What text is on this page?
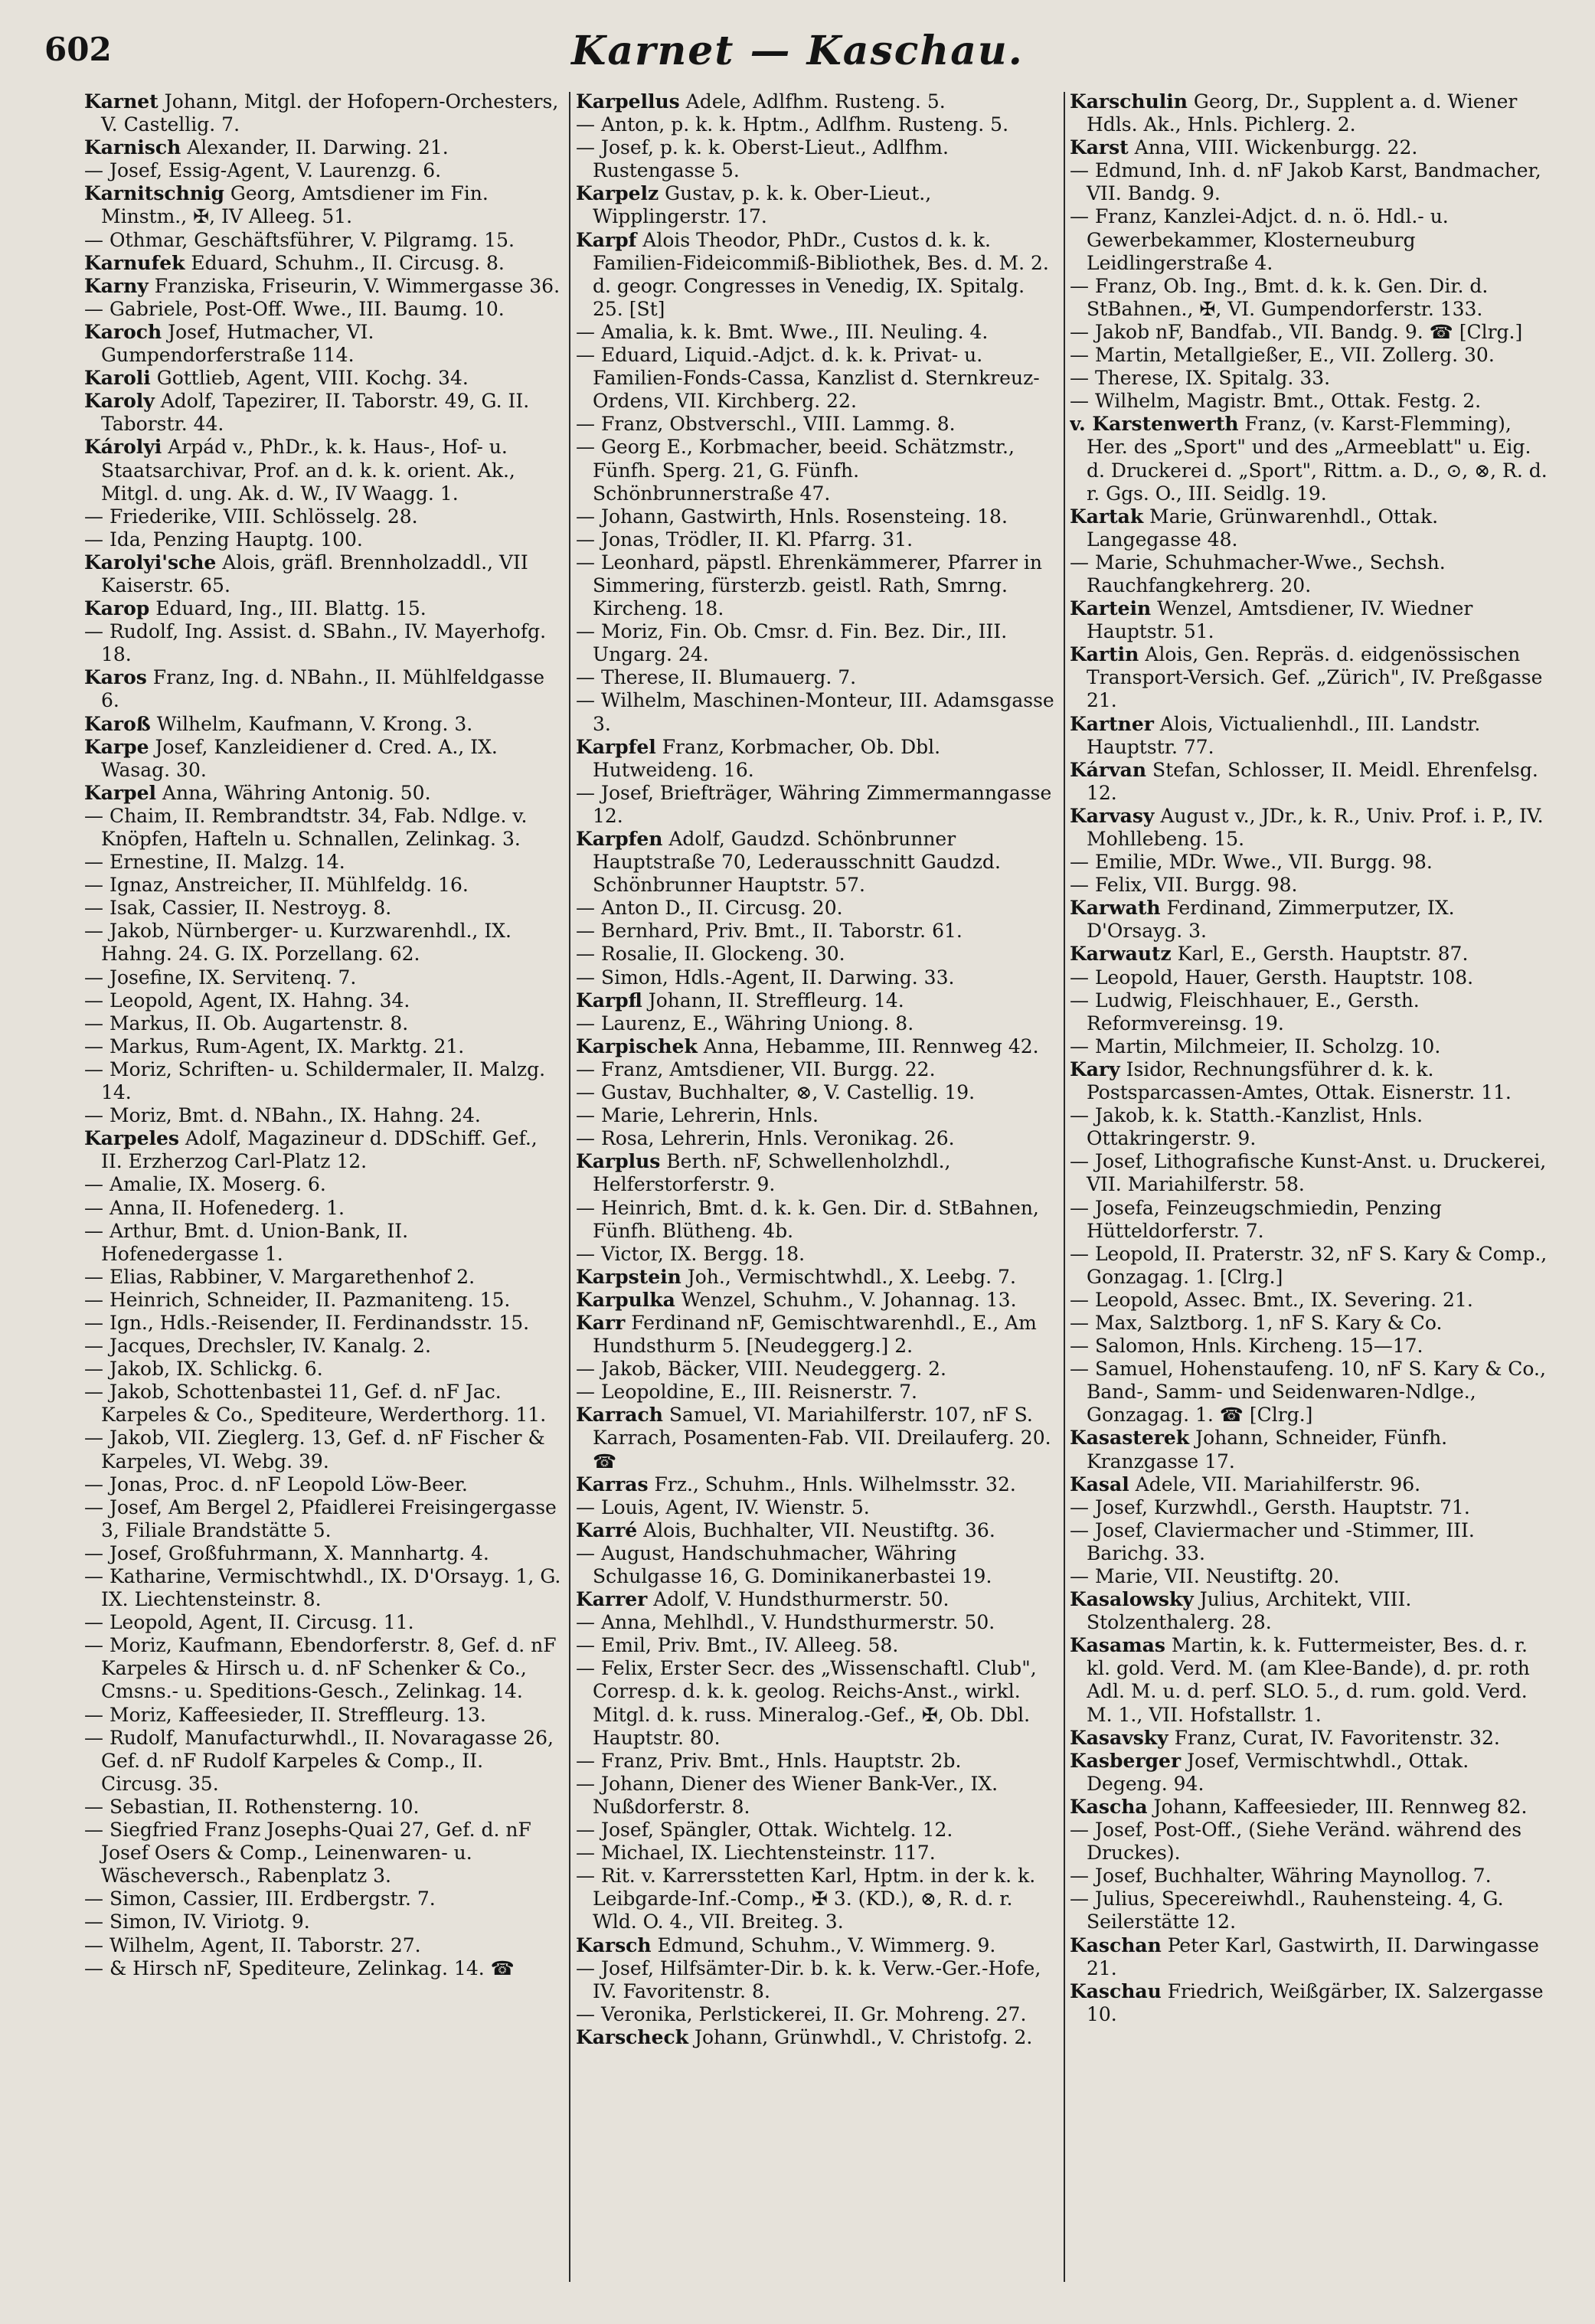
602	Karnet — Kaschau.
Karnet Johann, Mitgl. der Hofopern-Orchesters, V. Castellig. 7.
Karnisch Alexander, II. Darwing. 21.
— Josef, Essig-Agent, V. Laurenzg. 6.
Karnitschnig Georg, Amtsdiener im Fin. Minstm., ✠, IV Alleeg. 51.
— Othmar, Geschäftsführer, V. Pilgramg. 15.
Karnufek Eduard, Schuhm., II. Circusg. 8.
Karny Franziska, Friseurin, V. Wimmergasse 36.
— Gabriele, Post-Off. Wwe., III. Baumg. 10.
Karoch Josef, Hutmacher, VI. Gumpendorferstraße 114.
Karoli Gottlieb, Agent, VIII. Kochg. 34.
Karoly Adolf, Tapezirer, II. Taborstr. 49, G. II. Taborstr. 44.
Károlyi Arpád v., PhDr., k. k. Haus-, Hof- u. Staatsarchivar, Prof. an d. k. k. orient. Ak., Mitgl. d. ung. Ak. d. W., IV Waagg. 1.
— Friederike, VIII. Schlösselg. 28.
— Ida, Penzing Hauptg. 100.
Karolyi'sche Alois, gräfl. Brennholzaddl., VII Kaiserstr. 65.
Karop Eduard, Ing., III. Blattg. 15.
— Rudolf, Ing. Assist. d. SBahn., IV. Mayerhofg. 18.
Karos Franz, Ing. d. NBahn., II. Mühlfeldgasse 6.
Karoß Wilhelm, Kaufmann, V. Krong. 3.
Karpe Josef, Kanzleidiener d. Cred. A., IX. Wasag. 30.
Karpel Anna, Währing Antonig. 50.
— Chaim, II. Rembrandtstr. 34, Fab. Ndlge. v. Knöpfen, Hafteln u. Schnallen, Zelinkag. 3.
— Ernestine, II. Malzg. 14.
— Ignaz, Anstreicher, II. Mühlfeldg. 16.
— Isak, Cassier, II. Nestroyg. 8.
— Jakob, Nürnberger- u. Kurzwarenhdl., IX. Hahng. 24. G. IX. Porzellang. 62.
— Josefine, IX. Servitenq. 7.
— Leopold, Agent, IX. Hahng. 34.
— Markus, II. Ob. Augartenstr. 8.
— Markus, Rum-Agent, IX. Marktg. 21.
— Moriz, Schriften- u. Schildermaler, II. Malzg. 14.
— Moriz, Bmt. d. NBahn., IX. Hahng. 24.
Karpeles Adolf, Magazineur d. DDSchiff. Gef., II. Erzherzog Carl-Platz 12.
— Amalie, IX. Moserg. 6.
— Anna, II. Hofenederg. 1.
— Arthur, Bmt. d. Union-Bank, II. Hofenedergasse 1.
— Elias, Rabbiner, V. Margarethenhof 2.
— Heinrich, Schneider, II. Pazmaniteng. 15.
— Ign., Hdls.-Reisender, II. Ferdinandsstr. 15.
— Jacques, Drechsler, IV. Kanalg. 2.
— Jakob, IX. Schlickg. 6.
— Jakob, Schottenbastei 11, Gef. d. nF Jac. Karpeles & Co., Spediteure, Werderthorg. 11.
— Jakob, VII. Zieglerg. 13, Gef. d. nF Fischer & Karpeles, VI. Webg. 39.
— Jonas, Proc. d. nF Leopold Löw-Beer.
— Josef, Am Bergel 2, Pfaidlerei Freisingergasse 3, Filiale Brandstätte 5.
— Josef, Großfuhrmann, X. Mannhartg. 4.
— Katharine, Vermischtwhdl., IX. D'Orsayg. 1, G. IX. Liechtensteinstr. 8.
— Leopold, Agent, II. Circusg. 11.
— Moriz, Kaufmann, Ebendorferstr. 8, Gef. d. nF Karpeles & Hirsch u. d. nF Schenker & Co., Cmsns.- u. Speditions-Gesch., Zelinkag. 14.
— Moriz, Kaffeesieder, II. Streffleurg. 13.
— Rudolf, Manufacturwhdl., II. Novaragasse 26, Gef. d. nF Rudolf Karpeles & Comp., II. Circusg. 35.
— Sebastian, II. Rothensterng. 10.
— Siegfried Franz Josephs-Quai 27, Gef. d. nF Josef Osers & Comp., Leinenwaren- u. Wäscheversch., Rabenplatz 3.
— Simon, Cassier, III. Erdbergstr. 7.
— Simon, IV. Viriotg. 9.
— Wilhelm, Agent, II. Taborstr. 27.
— & Hirsch nF, Spediteure, Zelinkag. 14. ☎
Karpellus Adele, Adlfhm. Rusteng. 5.
— Anton, p. k. k. Hptm., Adlfhm. Rusteng. 5.
— Josef, p. k. k. Oberst-Lieut., Adlfhm. Rustengasse 5.
Karpelz Gustav, p. k. k. Ober-Lieut., Wipplingerstr. 17.
Karpf Alois Theodor, PhDr., Custos d. k. k. Familien-Fideicommiß-Bibliothek, Bes. d. M. 2. d. geogr. Congresses in Venedig, IX. Spitalg. 25. [St]
— Amalia, k. k. Bmt. Wwe., III. Neuling. 4.
— Eduard, Liquid.-Adjct. d. k. k. Privat- u. Familien-Fonds-Cassa, Kanzlist d. Sternkreuz-Ordens, VII. Kirchberg. 22.
— Franz, Obstverschl., VIII. Lammg. 8.
— Georg E., Korbmacher, beeid. Schätzmstr., Fünfh. Sperg. 21, G. Fünfh. Schönbrunnerstraße 47.
— Johann, Gastwirth, Hnls. Rosensteing. 18.
— Jonas, Trödler, II. Kl. Pfarrg. 31.
— Leonhard, päpstl. Ehrenkämmerer, Pfarrer in Simmering, fürsterzb. geistl. Rath, Smrng. Kircheng. 18.
— Moriz, Fin. Ob. Cmsr. d. Fin. Bez. Dir., III. Ungarg. 24.
— Therese, II. Blumauerg. 7.
— Wilhelm, Maschinen-Monteur, III. Adamsgasse 3.
Karpfel Franz, Korbmacher, Ob. Dbl. Hutweideng. 16.
— Josef, Briefträger, Währing Zimmermanngasse 12.
Karpfen Adolf, Gaudzd. Schönbrunner Hauptstraße 70, Lederausschnitt Gaudzd. Schönbrunner Hauptstr. 57.
— Anton D., II. Circusg. 20.
— Bernhard, Priv. Bmt., II. Taborstr. 61.
— Rosalie, II. Glockeng. 30.
— Simon, Hdls.-Agent, II. Darwing. 33.
Karpfl Johann, II. Streffleurg. 14.
— Laurenz, E., Währing Uniong. 8.
Karpischek Anna, Hebamme, III. Rennweg 42.
— Franz, Amtsdiener, VII. Burgg. 22.
— Gustav, Buchhalter, ⊗, V. Castellig. 19.
— Marie, Lehrerin, Hnls.
— Rosa, Lehrerin, Hnls. Veronikag. 26.
Karplus Berth. nF, Schwellenholzhdl., Helferstorferstr. 9.
— Heinrich, Bmt. d. k. k. Gen. Dir. d. StBahnen, Fünfh. Blütheng. 4b.
— Victor, IX. Bergg. 18.
Karpstein Joh., Vermischtwhdl., X. Leebg. 7.
Karpulka Wenzel, Schuhm., V. Johannag. 13.
Karr Ferdinand nF, Gemischtwarenhdl., E., Am Hundsthurm 5. [Neudeggerg.] 2.
— Jakob, Bäcker, VIII. Neudeggerg. 2.
— Leopoldine, E., III. Reisnerstr. 7.
Karrach Samuel, VI. Mariahilferstr. 107, nF S. Karrach, Posamenten-Fab. VII. Dreilauferg. 20. ☎
Karras Frz., Schuhm., Hnls. Wilhelmsstr. 32.
— Louis, Agent, IV. Wienstr. 5.
Karré Alois, Buchhalter, VII. Neustiftg. 36.
— August, Handschuhmacher, Währing Schulgasse 16, G. Dominikanerbastei 19.
Karrer Adolf, V. Hundsthurmerstr. 50.
— Anna, Mehlhdl., V. Hundsthurmerstr. 50.
— Emil, Priv. Bmt., IV. Alleeg. 58.
— Felix, Erster Secr. des „Wissenschaftl. Club", Corresp. d. k. k. geolog. Reichs-Anst., wirkl. Mitgl. d. k. russ. Mineralog.-Gef., ✠, Ob. Dbl. Hauptstr. 80.
— Franz, Priv. Bmt., Hnls. Hauptstr. 2b.
— Johann, Diener des Wiener Bank-Ver., IX. Nußdorferstr. 8.
— Josef, Spängler, Ottak. Wichtelg. 12.
— Michael, IX. Liechtensteinstr. 117.
— Rit. v. Karrersstetten Karl, Hptm. in der k. k. Leibgarde-Inf.-Comp., ✠ 3. (KD.), ⊗, R. d. r. Wld. O. 4., VII. Breiteg. 3.
Karsch Edmund, Schuhm., V. Wimmerg. 9.
— Josef, Hilfsämter-Dir. b. k. k. Verw.-Ger.-Hofe, IV. Favoritenstr. 8.
— Veronika, Perlstickerei, II. Gr. Mohreng. 27.
Karscheck Johann, Grünwhdl., V. Christofg. 2.
Karschulin Georg, Dr., Supplent a. d. Wiener Hdls. Ak., Hnls. Pichlerg. 2.
Karst Anna, VIII. Wickenburgg. 22.
— Edmund, Inh. d. nF Jakob Karst, Bandmacher, VII. Bandg. 9.
— Franz, Kanzlei-Adjct. d. n. ö. Hdl.- u. Gewerbekammer, Klosterneuburg Leidlingerstraße 4.
— Franz, Ob. Ing., Bmt. d. k. k. Gen. Dir. d. StBahnen., ✠, VI. Gumpendorferstr. 133.
— Jakob nF, Bandfab., VII. Bandg. 9. ☎ [Clrg.]
— Martin, Metallgießer, E., VII. Zollerg. 30.
— Therese, IX. Spitalg. 33.
— Wilhelm, Magistr. Bmt., Ottak. Festg. 2.
v. Karstenwerth Franz, (v. Karst-Flemming), Her. des „Sport" und des „Armeeblatt" u. Eig. d. Druckerei d. „Sport", Rittm. a. D., ⊙, ⊗, R. d. r. Ggs. O., III. Seidlg. 19.
Kartak Marie, Grünwarenhdl., Ottak. Langegasse 48.
— Marie, Schuhmacher-Wwe., Sechsh. Rauchfangkehrerg. 20.
Kartein Wenzel, Amtsdiener, IV. Wiedner Hauptstr. 51.
Kartin Alois, Gen. Repräs. d. eidgenössischen Transport-Versich. Gef. „Zürich", IV. Preßgasse 21.
Kartner Alois, Victualienhdl., III. Landstr. Hauptstr. 77.
Kárvan Stefan, Schlosser, II. Meidl. Ehrenfelsg. 12.
Karvasy August v., JDr., k. R., Univ. Prof. i. P., IV. Mohllebeng. 15.
— Emilie, MDr. Wwe., VII. Burgg. 98.
— Felix, VII. Burgg. 98.
Karwath Ferdinand, Zimmerputzer, IX. D'Orsayg. 3.
Karwautz Karl, E., Gersth. Hauptstr. 87.
— Leopold, Hauer, Gersth. Hauptstr. 108.
— Ludwig, Fleischhauer, E., Gersth. Reformvereinsg. 19.
— Martin, Milchmeier, II. Scholzg. 10.
Kary Isidor, Rechnungsführer d. k. k. Postsparcassen-Amtes, Ottak. Eisnerstr. 11.
— Jakob, k. k. Statth.-Kanzlist, Hnls. Ottakringerstr. 9.
— Josef, Lithografische Kunst-Anst. u. Druckerei, VII. Mariahilferstr. 58.
— Josefa, Feinzeugschmiedin, Penzing Hütteldorferstr. 7.
— Leopold, II. Praterstr. 32, nF S. Kary & Comp., Gonzagag. 1. [Clrg.]
— Leopold, Assec. Bmt., IX. Severing. 21.
— Max, Salztborg. 1, nF S. Kary & Co.
— Salomon, Hnls. Kircheng. 15—17.
— Samuel, Hohenstaufeng. 10, nF S. Kary & Co., Band-, Samm- und Seidenwaren-Ndlge., Gonzagag. 1. ☎ [Clrg.]
Kasasterek Johann, Schneider, Fünfh. Kranzgasse 17.
Kasal Adele, VII. Mariahilferstr. 96.
— Josef, Kurzwhdl., Gersth. Hauptstr. 71.
— Josef, Claviermacher und -Stimmer, III. Barichg. 33.
— Marie, VII. Neustiftg. 20.
Kasalowsky Julius, Architekt, VIII. Stolzenthalerg. 28.
Kasamas Martin, k. k. Futtermeister, Bes. d. r. kl. gold. Verd. M. (am Klee-Bande), d. pr. roth Adl. M. u. d. perf. SLO. 5., d. rum. gold. Verd. M. 1., VII. Hofstallstr. 1.
Kasavsky Franz, Curat, IV. Favoritenstr. 32.
Kasberger Josef, Vermischtwhdl., Ottak. Degeng. 94.
Kascha Johann, Kaffeesieder, III. Rennweg 82.
— Josef, Post-Off., (Siehe Veränd. während des Druckes).
— Josef, Buchhalter, Währing Maynollog. 7.
— Julius, Specereiwhdl., Rauhensteing. 4, G. Seilerstätte 12.
Kaschan Peter Karl, Gastwirth, II. Darwingasse 21.
Kaschau Friedrich, Weißgärber, IX. Salzergasse 10.
